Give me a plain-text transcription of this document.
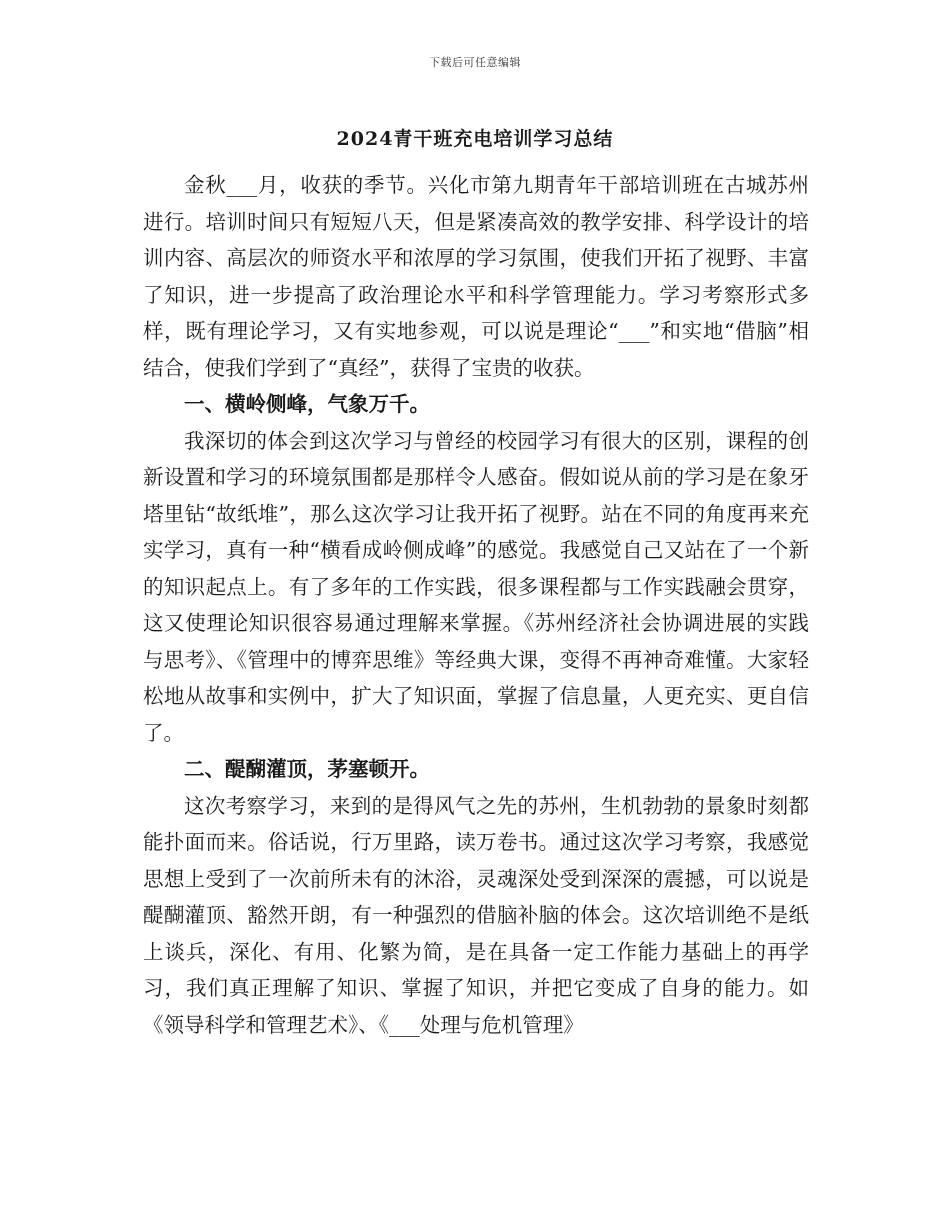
下载后可任意编辑
2024青干班充电培训学习总结

金秋___月，收获的季节。兴化市第九期青年干部培训班在古城苏州进行。培训时间只有短短八天，但是紧凑高效的教学安排、科学设计的培训内容、高层次的师资水平和浓厚的学习氛围，使我们开拓了视野、丰富了知识，进一步提高了政治理论水平和科学管理能力。学习考察形式多样，既有理论学习，又有实地参观，可以说是理论“___”和实地“借脑”相结合，使我们学到了“真经”，获得了宝贵的收获。

一、横岭侧峰，气象万千。

我深切的体会到这次学习与曾经的校园学习有很大的区别，课程的创新设置和学习的环境氛围都是那样令人感奋。假如说从前的学习是在象牙塔里钻“故纸堆”，那么这次学习让我开拓了视野。站在不同的角度再来充实学习，真有一种“横看成岭侧成峰”的感觉。我感觉自己又站在了一个新的知识起点上。有了多年的工作实践，很多课程都与工作实践融会贯穿，这又使理论知识很容易通过理解来掌握。《苏州经济社会协调进展的实践与思考》、《管理中的博弈思维》等经典大课，变得不再神奇难懂。大家轻松地从故事和实例中，扩大了知识面，掌握了信息量，人更充实、更自信了。

二、醍醐灌顶，茅塞顿开。

这次考察学习，来到的是得风气之先的苏州，生机勃勃的景象时刻都能扑面而来。俗话说，行万里路，读万卷书。通过这次学习考察，我感觉思想上受到了一次前所未有的沐浴，灵魂深处受到深深的震撼，可以说是醍醐灌顶、豁然开朗，有一种强烈的借脑补脑的体会。这次培训绝不是纸上谈兵，深化、有用、化繁为简，是在具备一定工作能力基础上的再学习，我们真正理解了知识、掌握了知识，并把它变成了自身的能力。如《领导科学和管理艺术》、《___处理与危机管理》
